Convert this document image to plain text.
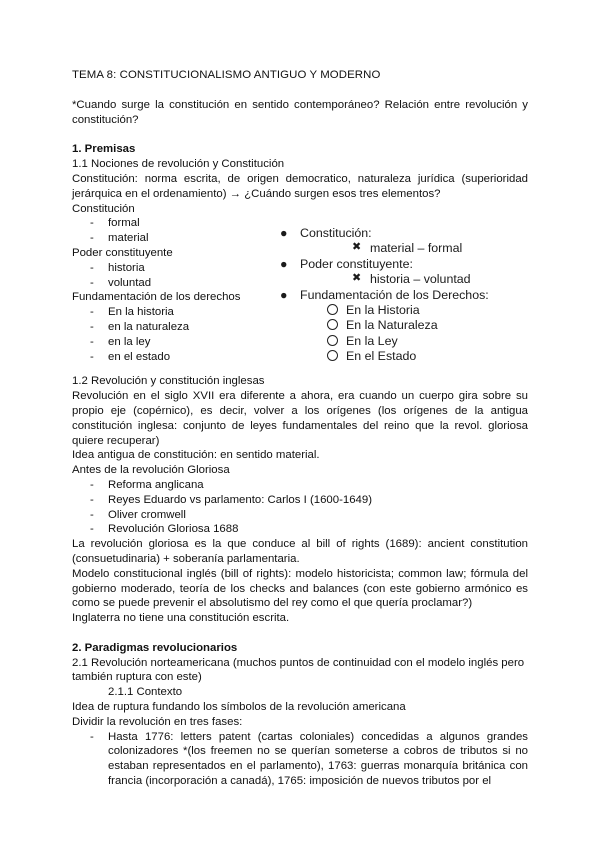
TEMA 8: CONSTITUCIONALISMO ANTIGUO Y MODERNO

*Cuando surge la constitución en sentido contemporáneo? Relación entre revolución y constitución?

1. Premisas

1.1 Nociones de revolución y Constitución

Constitución: norma escrita, de origen democratico, naturaleza jurídica (superioridad jerárquica en el ordenamiento) → ¿Cuándo surgen esos tres elementos?

Constitución

- formal
- material

Poder constituyente

- historia
- voluntad

Fundamentación de los derechos

- En la historia
- en la naturaleza
- en la ley
- en el estado

1.2 Revolución y constitución inglesas

Revolución en el siglo XVII era diferente a ahora, era cuando un cuerpo gira sobre su propio eje (copérnico), es decir, volver a los orígenes (los orígenes de la antigua constitución inglesa: conjunto de leyes fundamentales del reino que la revol. gloriosa quiere recuperar)

Idea antigua de constitución: en sentido material.

Antes de la revolución Gloriosa

- Reforma anglicana
- Reyes Eduardo vs parlamento: Carlos I (1600-1649)
- Oliver cromwell
- Revolución Gloriosa 1688

La revolución gloriosa es la que conduce al bill of rights (1689): ancient constitution (consuetudinaria) + soberanía parlamentaria.

Modelo constitucional inglés (bill of rights): modelo historicista; common law; fórmula del gobierno moderado, teoría de los checks and balances (con este gobierno armónico es como se puede prevenir el absolutismo del rey como el que quería proclamar?)

Inglaterra no tiene una constitución escrita.

2. Paradigmas revolucionarios

2.1 Revolución norteamericana (muchos puntos de continuidad con el modelo inglés pero también ruptura con este)

2.1.1 Contexto

Idea de ruptura fundando los símbolos de la revolución americana

Dividir la revolución en tres fases:

- Hasta 1776: letters patent (cartas coloniales) concedidas a algunos grandes colonizadores *(los freemen no se querían someterse a cobros de tributos si no estaban representados en el parlamento), 1763: guerras monarquía británica con francia (incorporación a canadá), 1765: imposición de nuevos tributos por el
● Constitución:
✖ material – formal
● Poder constituyente:
✖ historia – voluntad
● Fundamentación de los Derechos:
En la Historia
En la Naturaleza
En la Ley
En el Estado
